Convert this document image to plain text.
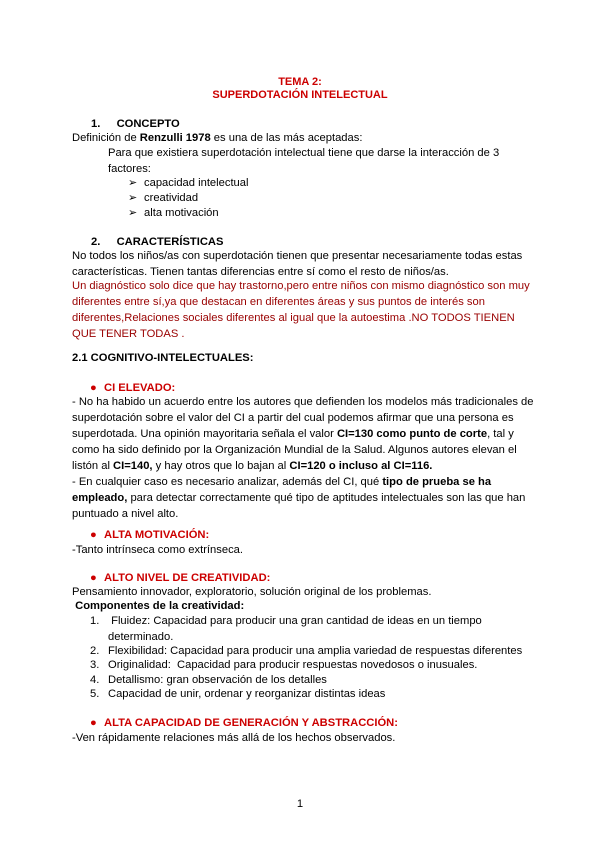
TEMA 2:
SUPERDOTACIÓN INTELECTUAL
1. CONCEPTO
Definición de Renzulli 1978 es una de las más aceptadas:
Para que existiera superdotación intelectual tiene que darse la interacción de 3 factores:
➢ capacidad intelectual
➢ creatividad
➢ alta motivación
2. CARACTERÍSTICAS
No todos los niños/as con superdotación tienen que presentar necesariamente todas estas características. Tienen tantas diferencias entre sí como el resto de niños/as.
Un diagnóstico solo dice que hay trastorno,pero entre niños con mismo diagnóstico son muy diferentes entre sí,ya que destacan en diferentes áreas y sus puntos de interés son diferentes,Relaciones sociales diferentes al igual que la autoestima .NO TODOS TIENEN QUE TENER TODAS .
2.1 COGNITIVO-INTELECTUALES:
● CI ELEVADO:
- No ha habido un acuerdo entre los autores que defienden los modelos más tradicionales de superdotación sobre el valor del CI a partir del cual podemos afirmar que una persona es superdotada. Una opinión mayoritaria señala el valor CI=130 como punto de corte, tal y como ha sido definido por la Organización Mundial de la Salud. Algunos autores elevan el listón al CI=140, y hay otros que lo bajan al CI=120 o incluso al CI=116.
- En cualquier caso es necesario analizar, además del CI, qué tipo de prueba se ha empleado, para detectar correctamente qué tipo de aptitudes intelectuales son las que han puntuado a nivel alto.
● ALTA MOTIVACIÓN:
-Tanto intrínseca como extrínseca.
● ALTO NIVEL DE CREATIVIDAD:
Pensamiento innovador, exploratorio, solución original de los problemas.
Componentes de la creatividad:
1. Fluidez: Capacidad para producir una gran cantidad de ideas en un tiempo determinado.
2. Flexibilidad: Capacidad para producir una amplia variedad de respuestas diferentes
3. Originalidad:  Capacidad para producir respuestas novedosos o inusuales.
4. Detallismo: gran observación de los detalles
5. Capacidad de unir, ordenar y reorganizar distintas ideas
● ALTA CAPACIDAD DE GENERACIÓN Y ABSTRACCIÓN:
-Ven rápidamente relaciones más allá de los hechos observados.
1
